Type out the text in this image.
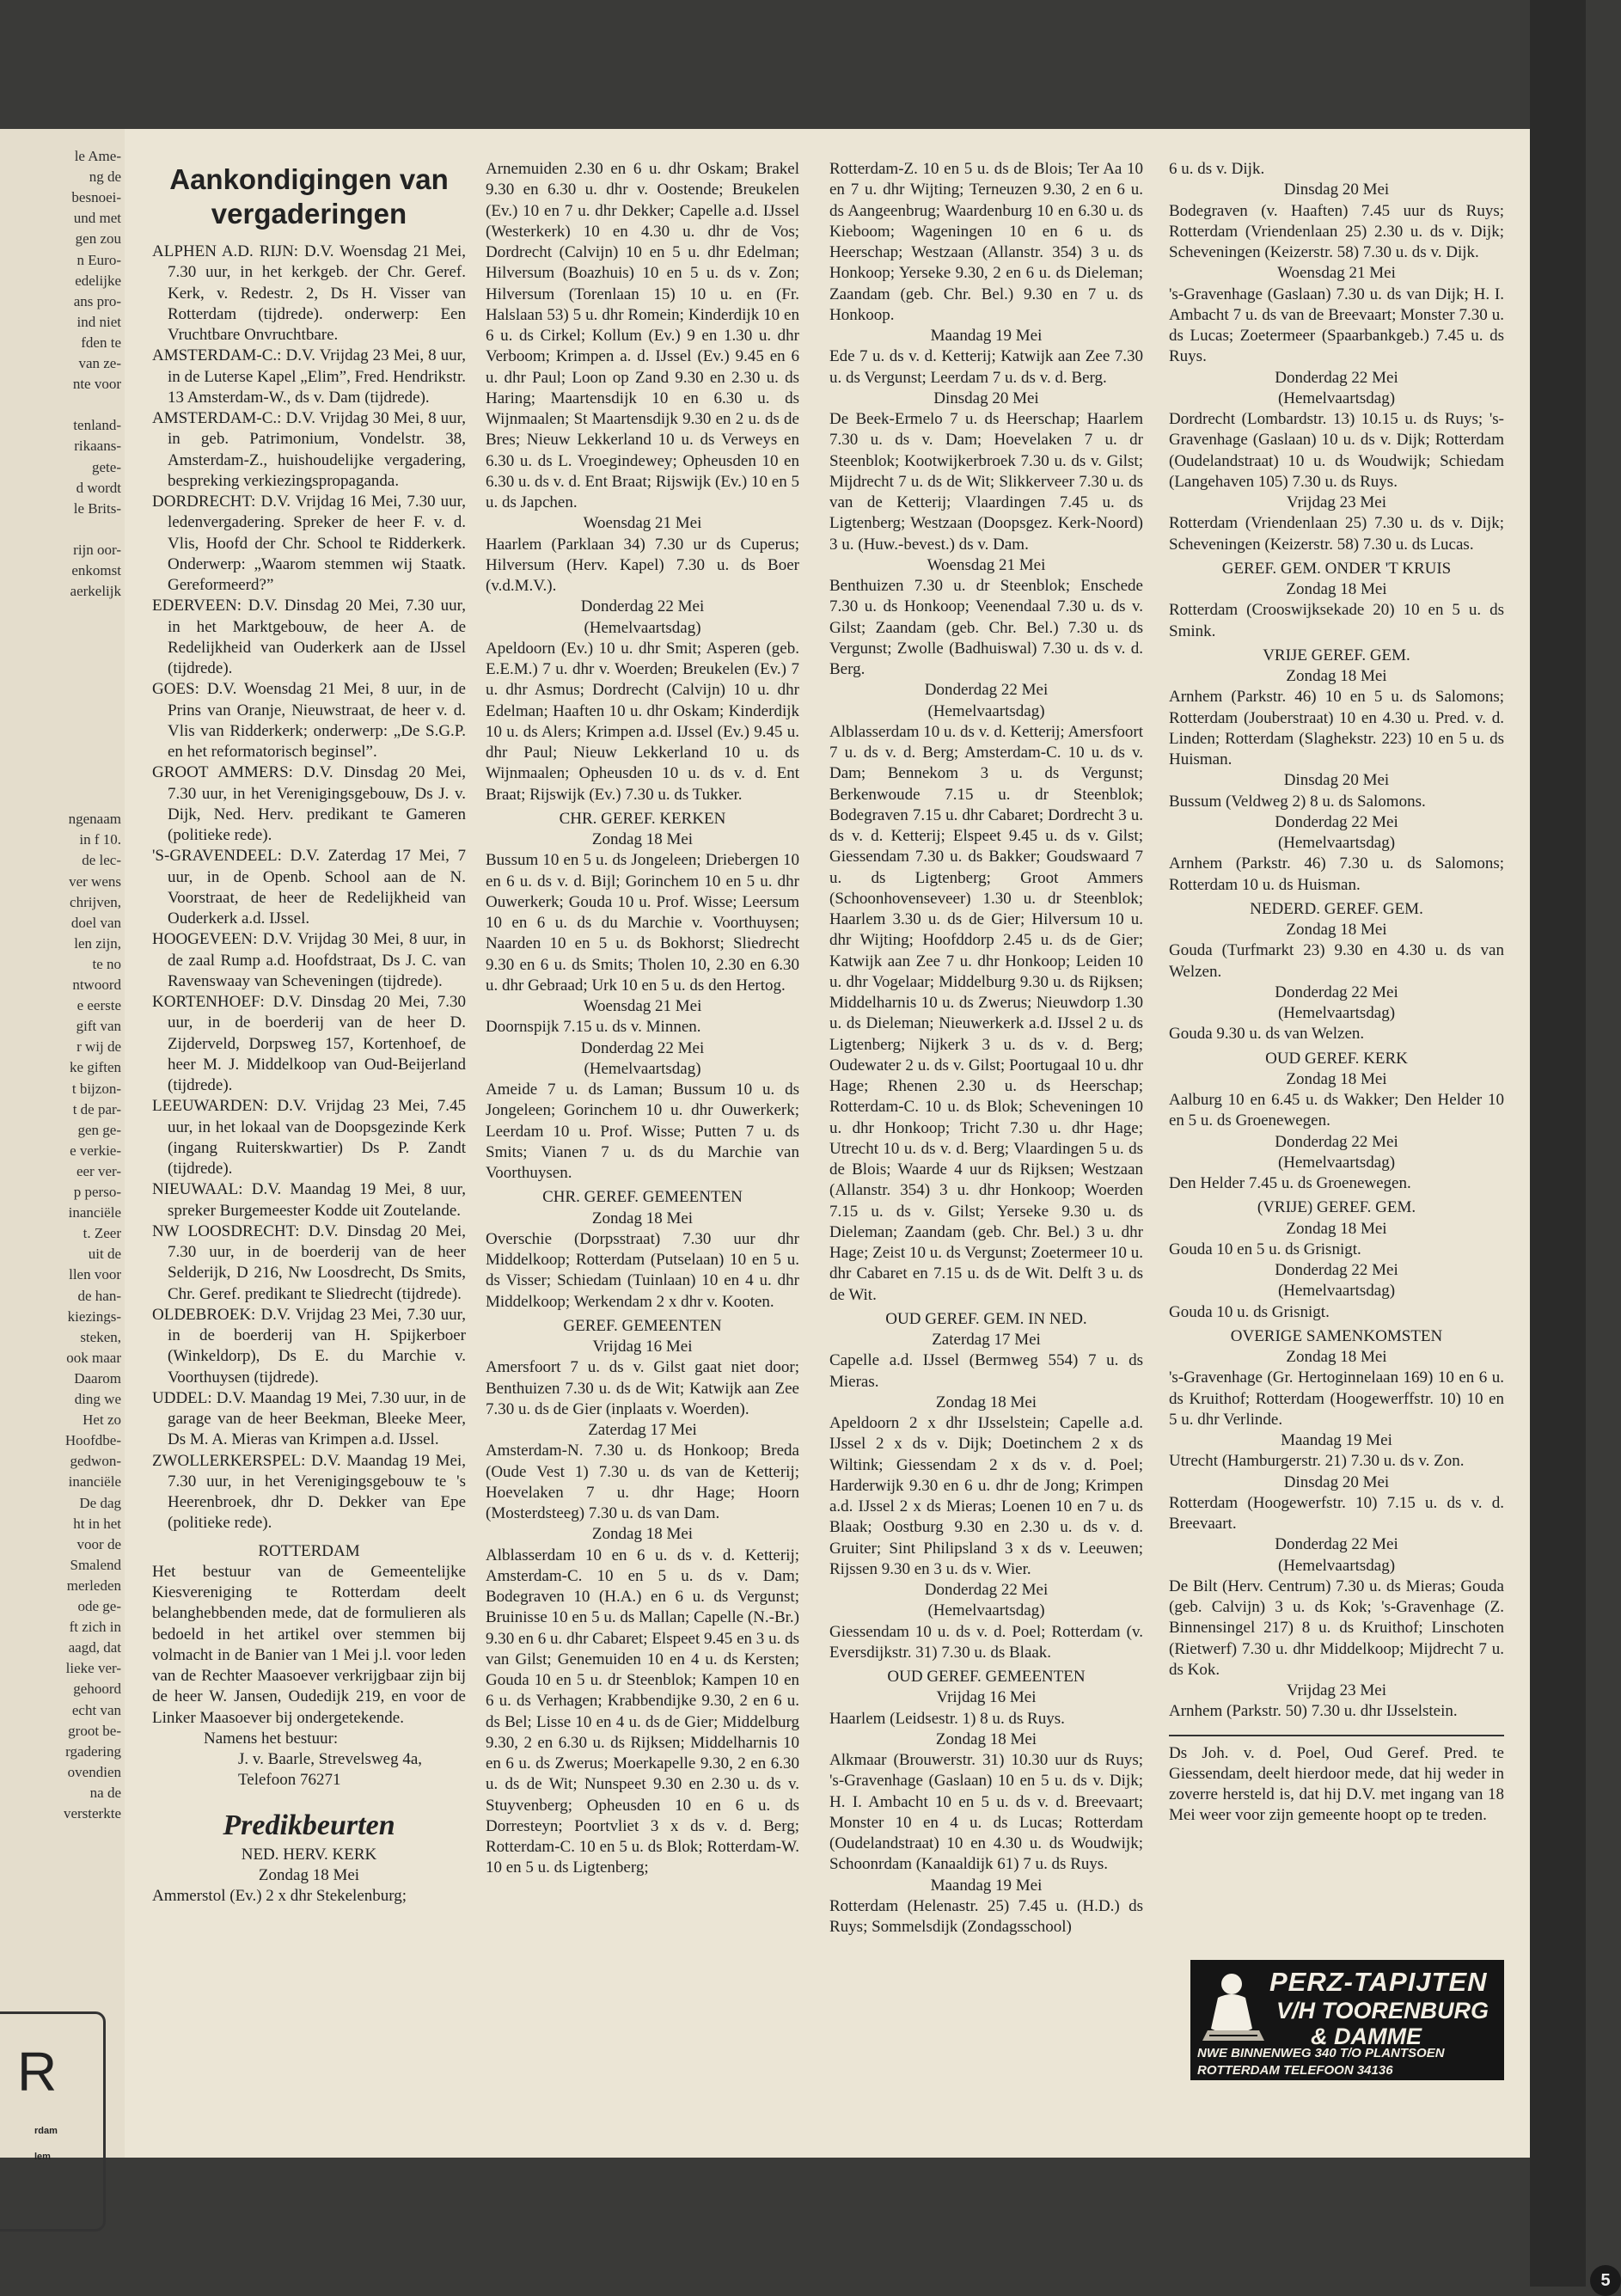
R
rdam
lem
le Ame-
ng de
besnoei-
und met
gen zou
n Euro-
edelijke
ans pro-
ind niet
fden te
van ze-
nte voor
tenland-
rikaans-
gete-
d wordt
le Brits-
rijn oor-
enkomst
aerkelijk
ngenaam
in f 10.
de lec-
ver wens
chrijven,
doel van
len zijn,
te no
ntwoord
e eerste
gift van
r wij de
ke giften
t bijzon-
t de par-
gen ge-
e verkie-
eer ver-
p perso-
inanciële
t. Zeer
uit de
llen voor
de han-
kiezings-
steken,
ook maar
Daarom
ding we
Het zo
Hoofdbe-
gedwon-
inanciële
De dag
ht in het
voor de
Smalend
merleden
ode ge-
ft zich in
aagd, dat
lieke ver-
gehoord
echt van
groot be-
rgadering
ovendien
na de
versterkte
Aankondigingen van vergaderingen

ALPHEN A.D. RIJN: D.V. Woensdag 21 Mei, 7.30 uur, in het kerkgeb. der Chr. Geref. Kerk, v. Redestr. 2, Ds H. Visser van Rotterdam (tijdrede). onderwerp: Een Vruchtbare Onvruchtbare.

AMSTERDAM-C.: D.V. Vrijdag 23 Mei, 8 uur, in de Luterse Kapel „Elim”, Fred. Hendrikstr. 13 Amsterdam-W., ds v. Dam (tijdrede).

AMSTERDAM-C.: D.V. Vrijdag 30 Mei, 8 uur, in geb. Patrimonium, Vondelstr. 38, Amsterdam-Z., huishoudelijke vergadering, bespreking verkiezingspropaganda.

DORDRECHT: D.V. Vrijdag 16 Mei, 7.30 uur, ledenvergadering. Spreker de heer F. v. d. Vlis, Hoofd der Chr. School te Ridderkerk. Onderwerp: „Waarom stemmen wij Staatk. Gereformeerd?”

EDERVEEN: D.V. Dinsdag 20 Mei, 7.30 uur, in het Marktgebouw, de heer A. de Redelijkheid van Ouderkerk aan de IJssel (tijdrede).

GOES: D.V. Woensdag 21 Mei, 8 uur, in de Prins van Oranje, Nieuwstraat, de heer v. d. Vlis van Ridderkerk; onderwerp: „De S.G.P. en het reformatorisch beginsel”.

GROOT AMMERS: D.V. Dinsdag 20 Mei, 7.30 uur, in het Verenigingsgebouw, Ds J. v. Dijk, Ned. Herv. predikant te Gameren (politieke rede).

'S-GRAVENDEEL: D.V. Zaterdag 17 Mei, 7 uur, in de Openb. School aan de N. Voorstraat, de heer de Redelijkheid van Ouderkerk a.d. IJssel.

HOOGEVEEN: D.V. Vrijdag 30 Mei, 8 uur, in de zaal Rump a.d. Hoofdstraat, Ds J. C. van Ravenswaay van Scheveningen (tijdrede).

KORTENHOEF: D.V. Dinsdag 20 Mei, 7.30 uur, in de boerderij van de heer D. Zijderveld, Dorpsweg 157, Kortenhoef, de heer M. J. Middelkoop van Oud-Beijerland (tijdrede).

LEEUWARDEN: D.V. Vrijdag 23 Mei, 7.45 uur, in het lokaal van de Doopsgezinde Kerk (ingang Ruiterskwartier) Ds P. Zandt (tijdrede).

NIEUWAAL: D.V. Maandag 19 Mei, 8 uur, spreker Burgemeester Kodde uit Zoutelande.

NW LOOSDRECHT: D.V. Dinsdag 20 Mei, 7.30 uur, in de boerderij van de heer Selderijk, D 216, Nw Loosdrecht, Ds Smits, Chr. Geref. predikant te Sliedrecht (tijdrede).

OLDEBROEK: D.V. Vrijdag 23 Mei, 7.30 uur, in de boerderij van H. Spijkerboer (Winkeldorp), Ds E. du Marchie v. Voorthuysen (tijdrede).

UDDEL: D.V. Maandag 19 Mei, 7.30 uur, in de garage van de heer Beekman, Bleeke Meer, Ds M. A. Mieras van Krimpen a.d. IJssel.

ZWOLLERKERSPEL: D.V. Maandag 19 Mei, 7.30 uur, in het Verenigingsgebouw te 's Heerenbroek, dhr D. Dekker van Epe (politieke rede).

ROTTERDAM

Het bestuur van de Gemeentelijke Kiesvereniging te Rotterdam deelt belanghebbenden mede, dat de formulieren als bedoeld in het artikel over stemmen bij volmacht in de Banier van 1 Mei j.l. voor leden van de Rechter Maasoever verkrijgbaar zijn bij de heer W. Jansen, Oudedijk 219, en voor de Linker Maasoever bij ondergetekende.

Namens het bestuur:

J. v. Baarle, Strevelsweg 4a,

Telefoon 76271

Predikbeurten

NED. HERV. KERK

Zondag 18 Mei

Ammerstol (Ev.) 2 x dhr Stekelenburg;

Arnemuiden 2.30 en 6 u. dhr Oskam; Brakel 9.30 en 6.30 u. dhr v. Oostende; Breukelen (Ev.) 10 en 7 u. dhr Dekker; Capelle a.d. IJssel (Westerkerk) 10 en 4.30 u. dhr de Vos; Dordrecht (Calvijn) 10 en 5 u. dhr Edelman; Hilversum (Boazhuis) 10 en 5 u. ds v. Zon; Hilversum (Torenlaan 15) 10 u. en (Fr. Halslaan 53) 5 u. dhr Romein; Kinderdijk 10 en 6 u. ds Cirkel; Kollum (Ev.) 9 en 1.30 u. dhr Verboom; Krimpen a. d. IJssel (Ev.) 9.45 en 6 u. dhr Paul; Loon op Zand 9.30 en 2.30 u. ds Haring; Maartensdijk 10 en 6.30 u. ds Wijnmaalen; St Maartensdijk 9.30 en 2 u. ds de Bres; Nieuw Lekkerland 10 u. ds Verweys en 6.30 u. ds L. Vroegindewey; Opheusden 10 en 6.30 u. ds v. d. Ent Braat; Rijswijk (Ev.) 10 en 5 u. ds Japchen.

Woensdag 21 Mei

Haarlem (Parklaan 34) 7.30 ur ds Cuperus; Hilversum (Herv. Kapel) 7.30 u. ds Boer (v.d.M.V.).

Donderdag 22 Mei

(Hemelvaartsdag)

Apeldoorn (Ev.) 10 u. dhr Smit; Asperen (geb. E.E.M.) 7 u. dhr v. Woerden; Breukelen (Ev.) 7 u. dhr Asmus; Dordrecht (Calvijn) 10 u. dhr Edelman; Haaften 10 u. dhr Oskam; Kinderdijk 10 u. ds Alers; Krimpen a.d. IJssel (Ev.) 9.45 u. dhr Paul; Nieuw Lekkerland 10 u. ds Wijnmaalen; Opheusden 10 u. ds v. d. Ent Braat; Rijswijk (Ev.) 7.30 u. ds Tukker.

CHR. GEREF. KERKEN

Zondag 18 Mei

Bussum 10 en 5 u. ds Jongeleen; Driebergen 10 en 6 u. ds v. d. Bijl; Gorinchem 10 en 5 u. dhr Ouwerkerk; Gouda 10 u. Prof. Wisse; Leersum 10 en 6 u. ds du Marchie v. Voorthuysen; Naarden 10 en 5 u. ds Bokhorst; Sliedrecht 9.30 en 6 u. ds Smits; Tholen 10, 2.30 en 6.30 u. dhr Gebraad; Urk 10 en 5 u. ds den Hertog.

Woensdag 21 Mei

Doornspijk 7.15 u. ds v. Minnen.

Donderdag 22 Mei

(Hemelvaartsdag)

Ameide 7 u. ds Laman; Bussum 10 u. ds Jongeleen; Gorinchem 10 u. dhr Ouwerkerk; Leerdam 10 u. Prof. Wisse; Putten 7 u. ds Smits; Vianen 7 u. ds du Marchie van Voorthuysen.

CHR. GEREF. GEMEENTEN

Zondag 18 Mei

Overschie (Dorpsstraat) 7.30 uur dhr Middelkoop; Rotterdam (Putselaan) 10 en 5 u. ds Visser; Schiedam (Tuinlaan) 10 en 4 u. dhr Middelkoop; Werkendam 2 x dhr v. Kooten.

GEREF. GEMEENTEN

Vrijdag 16 Mei

Amersfoort 7 u. ds v. Gilst gaat niet door; Benthuizen 7.30 u. ds de Wit; Katwijk aan Zee 7.30 u. ds de Gier (inplaats v. Woerden).

Zaterdag 17 Mei

Amsterdam-N. 7.30 u. ds Honkoop; Breda (Oude Vest 1) 7.30 u. ds van de Ketterij; Hoevelaken 7 u. dhr Hage; Hoorn (Mosterdsteeg) 7.30 u. ds van Dam.

Zondag 18 Mei

Alblasserdam 10 en 6 u. ds v. d. Ketterij; Amsterdam-C. 10 en 5 u. ds v. Dam; Bodegraven 10 (H.A.) en 6 u. ds Vergunst; Bruinisse 10 en 5 u. ds Mallan; Capelle (N.-Br.) 9.30 en 6 u. dhr Cabaret; Elspeet 9.45 en 3 u. ds van Gilst; Genemuiden 10 en 4 u. ds Kersten; Gouda 10 en 5 u. dr Steenblok; Kampen 10 en 6 u. ds Verhagen; Krabbendijke 9.30, 2 en 6 u. ds Bel; Lisse 10 en 4 u. ds de Gier; Middelburg 9.30, 2 en 6.30 u. ds Rijksen; Middelharnis 10 en 6 u. ds Zwerus; Moerkapelle 9.30, 2 en 6.30 u. ds de Wit; Nunspeet 9.30 en 2.30 u. ds v. Stuyvenberg; Opheusden 10 en 6 u. ds Dorresteyn; Poortvliet 3 x ds v. d. Berg; Rotterdam-C. 10 en 5 u. ds Blok; Rotterdam-W. 10 en 5 u. ds Ligtenberg;

Rotterdam-Z. 10 en 5 u. ds de Blois; Ter Aa 10 en 7 u. dhr Wijting; Terneuzen 9.30, 2 en 6 u. ds Aangeenbrug; Waardenburg 10 en 6.30 u. ds Kieboom; Wageningen 10 en 6 u. ds Heerschap; Westzaan (Allanstr. 354) 3 u. ds Honkoop; Yerseke 9.30, 2 en 6 u. ds Dieleman; Zaandam (geb. Chr. Bel.) 9.30 en 7 u. ds Honkoop.

Maandag 19 Mei

Ede 7 u. ds v. d. Ketterij; Katwijk aan Zee 7.30 u. ds Vergunst; Leerdam 7 u. ds v. d. Berg.

Dinsdag 20 Mei

De Beek-Ermelo 7 u. ds Heerschap; Haarlem 7.30 u. ds v. Dam; Hoevelaken 7 u. dr Steenblok; Kootwijkerbroek 7.30 u. ds v. Gilst; Mijdrecht 7 u. ds de Wit; Slikkerveer 7.30 u. ds van de Ketterij; Vlaardingen 7.45 u. ds Ligtenberg; Westzaan (Doopsgez. Kerk-Noord) 3 u. (Huw.-bevest.) ds v. Dam.

Woensdag 21 Mei

Benthuizen 7.30 u. dr Steenblok; Enschede 7.30 u. ds Honkoop; Veenendaal 7.30 u. ds v. Gilst; Zaandam (geb. Chr. Bel.) 7.30 u. ds Vergunst; Zwolle (Badhuiswal) 7.30 u. ds v. d. Berg.

Donderdag 22 Mei

(Hemelvaartsdag)

Alblasserdam 10 u. ds v. d. Ketterij; Amersfoort 7 u. ds v. d. Berg; Amsterdam-C. 10 u. ds v. Dam; Bennekom 3 u. ds Vergunst; Berkenwoude 7.15 u. dr Steenblok; Bodegraven 7.15 u. dhr Cabaret; Dordrecht 3 u. ds v. d. Ketterij; Elspeet 9.45 u. ds v. Gilst; Giessendam 7.30 u. ds Bakker; Goudswaard 7 u. ds Ligtenberg; Groot Ammers (Schoonhovenseveer) 1.30 u. dr Steenblok; Haarlem 3.30 u. ds de Gier; Hilversum 10 u. dhr Wijting; Hoofddorp 2.45 u. ds de Gier; Katwijk aan Zee 7 u. dhr Honkoop; Leiden 10 u. dhr Vogelaar; Middelburg 9.30 u. ds Rijksen; Middelharnis 10 u. ds Zwerus; Nieuwdorp 1.30 u. ds Dieleman; Nieuwerkerk a.d. IJssel 2 u. ds Ligtenberg; Nijkerk 3 u. ds v. d. Berg; Oudewater 2 u. ds v. Gilst; Poortugaal 10 u. dhr Hage; Rhenen 2.30 u. ds Heerschap; Rotterdam-C. 10 u. ds Blok; Scheveningen 10 u. dhr Honkoop; Tricht 7.30 u. dhr Hage; Utrecht 10 u. ds v. d. Berg; Vlaardingen 5 u. ds de Blois; Waarde 4 uur ds Rijksen; Westzaan (Allanstr. 354) 3 u. dhr Honkoop; Woerden 7.15 u. ds v. Gilst; Yerseke 9.30 u. ds Dieleman; Zaandam (geb. Chr. Bel.) 3 u. dhr Hage; Zeist 10 u. ds Vergunst; Zoetermeer 10 u. dhr Cabaret en 7.15 u. ds de Wit. Delft 3 u. ds de Wit.

OUD GEREF. GEM. IN NED.

Zaterdag 17 Mei

Capelle a.d. IJssel (Bermweg 554) 7 u. ds Mieras.

Zondag 18 Mei

Apeldoorn 2 x dhr IJsselstein; Capelle a.d. IJssel 2 x ds v. Dijk; Doetinchem 2 x ds Wiltink; Giessendam 2 x ds v. d. Poel; Harderwijk 9.30 en 6 u. dhr de Jong; Krimpen a.d. IJssel 2 x ds Mieras; Loenen 10 en 7 u. ds Blaak; Oostburg 9.30 en 2.30 u. ds v. d. Gruiter; Sint Philipsland 3 x ds v. Leeuwen; Rijssen 9.30 en 3 u. ds v. Wier.

Donderdag 22 Mei

(Hemelvaartsdag)

Giessendam 10 u. ds v. d. Poel; Rotterdam (v. Eversdijkstr. 31) 7.30 u. ds Blaak.

OUD GEREF. GEMEENTEN

Vrijdag 16 Mei

Haarlem (Leidsestr. 1) 8 u. ds Ruys.

Zondag 18 Mei

Alkmaar (Brouwerstr. 31) 10.30 uur ds Ruys; 's-Gravenhage (Gaslaan) 10 en 5 u. ds v. Dijk; H. I. Ambacht 10 en 5 u. ds v. d. Breevaart; Monster 10 en 4 u. ds Lucas; Rotterdam (Oudelandstraat) 10 en 4.30 u. ds Woudwijk; Schoonrdam (Kanaaldijk 61) 7 u. ds Ruys.

Maandag 19 Mei

Rotterdam (Helenastr. 25) 7.45 u. (H.D.) ds Ruys; Sommelsdijk (Zondagsschool)

6 u. ds v. Dijk.

Dinsdag 20 Mei

Bodegraven (v. Haaften) 7.45 uur ds Ruys; Rotterdam (Vriendenlaan 25) 2.30 u. ds v. Dijk; Scheveningen (Keizerstr. 58) 7.30 u. ds v. Dijk.

Woensdag 21 Mei

's-Gravenhage (Gaslaan) 7.30 u. ds van Dijk; H. I. Ambacht 7 u. ds van de Breevaart; Monster 7.30 u. ds Lucas; Zoetermeer (Spaarbankgeb.) 7.45 u. ds Ruys.

Donderdag 22 Mei

(Hemelvaartsdag)

Dordrecht (Lombardstr. 13) 10.15 u. ds Ruys; 's-Gravenhage (Gaslaan) 10 u. ds v. Dijk; Rotterdam (Oudelandstraat) 10 u. ds Woudwijk; Schiedam (Langehaven 105) 7.30 u. ds Ruys.

Vrijdag 23 Mei

Rotterdam (Vriendenlaan 25) 7.30 u. ds v. Dijk; Scheveningen (Keizerstr. 58) 7.30 u. ds Lucas.

GEREF. GEM. ONDER 'T KRUIS

Zondag 18 Mei

Rotterdam (Crooswijksekade 20) 10 en 5 u. ds Smink.

VRIJE GEREF. GEM.

Zondag 18 Mei

Arnhem (Parkstr. 46) 10 en 5 u. ds Salomons; Rotterdam (Jouberstraat) 10 en 4.30 u. Pred. v. d. Linden; Rotterdam (Slaghekstr. 223) 10 en 5 u. ds Huisman.

Dinsdag 20 Mei

Bussum (Veldweg 2) 8 u. ds Salomons.

Donderdag 22 Mei

(Hemelvaartsdag)

Arnhem (Parkstr. 46) 7.30 u. ds Salomons; Rotterdam 10 u. ds Huisman.

NEDERD. GEREF. GEM.

Zondag 18 Mei

Gouda (Turfmarkt 23) 9.30 en 4.30 u. ds van Welzen.

Donderdag 22 Mei

(Hemelvaartsdag)

Gouda 9.30 u. ds van Welzen.

OUD GEREF. KERK

Zondag 18 Mei

Aalburg 10 en 6.45 u. ds Wakker; Den Helder 10 en 5 u. ds Groenewegen.

Donderdag 22 Mei

(Hemelvaartsdag)

Den Helder 7.45 u. ds Groenewegen.

(VRIJE) GEREF. GEM.

Zondag 18 Mei

Gouda 10 en 5 u. ds Grisnigt.

Donderdag 22 Mei

(Hemelvaartsdag)

Gouda 10 u. ds Grisnigt.

OVERIGE SAMENKOMSTEN

Zondag 18 Mei

's-Gravenhage (Gr. Hertoginnelaan 169) 10 en 6 u. ds Kruithof; Rotterdam (Hoogewerffstr. 10) 10 en 5 u. dhr Verlinde.

Maandag 19 Mei

Utrecht (Hamburgerstr. 21) 7.30 u. ds v. Zon.

Dinsdag 20 Mei

Rotterdam (Hoogewerfstr. 10) 7.15 u. ds v. d. Breevaart.

Donderdag 22 Mei

(Hemelvaartsdag)

De Bilt (Herv. Centrum) 7.30 u. ds Mieras; Gouda (geb. Calvijn) 3 u. ds Kok; 's-Gravenhage (Z. Binnensingel 217) 8 u. ds Kruithof; Linschoten (Rietwerf) 7.30 u. dhr Middelkoop; Mijdrecht 7 u. ds Kok.

Vrijdag 23 Mei

Arnhem (Parkstr. 50) 7.30 u. dhr IJsselstein.

Ds Joh. v. d. Poel, Oud Geref. Pred. te Giessendam, deelt hierdoor mede, dat hij weder in zoverre hersteld is, dat hij D.V. met ingang van 18 Mei weer voor zijn gemeente hoopt op te treden.

PERZ-TAPIJTEN
V/H TOORENBURG
& DAMME
NWE BINNENWEG 340 T/O PLANTSOEN
ROTTERDAM TELEFOON 34136
5
